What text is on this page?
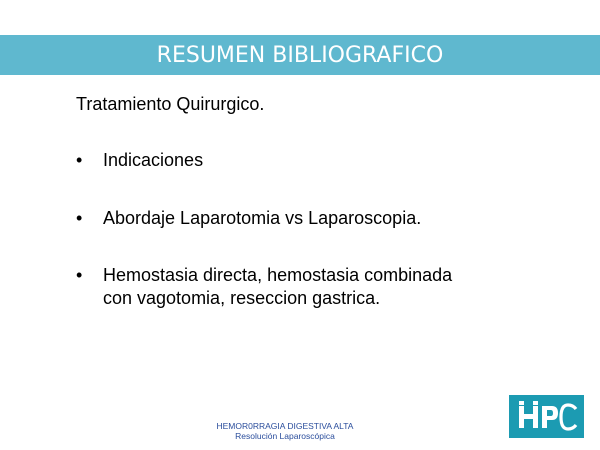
RESUMEN BIBLIOGRAFICO
Tratamiento Quirurgico.
• Indicaciones
• Abordaje Laparotomia vs Laparoscopia.
• Hemostasia directa, hemostasia combinada
con vagotomia, reseccion gastrica.
HEMOR0RRAGIA DIGESTIVA ALTA
Resolución Laparoscópica
